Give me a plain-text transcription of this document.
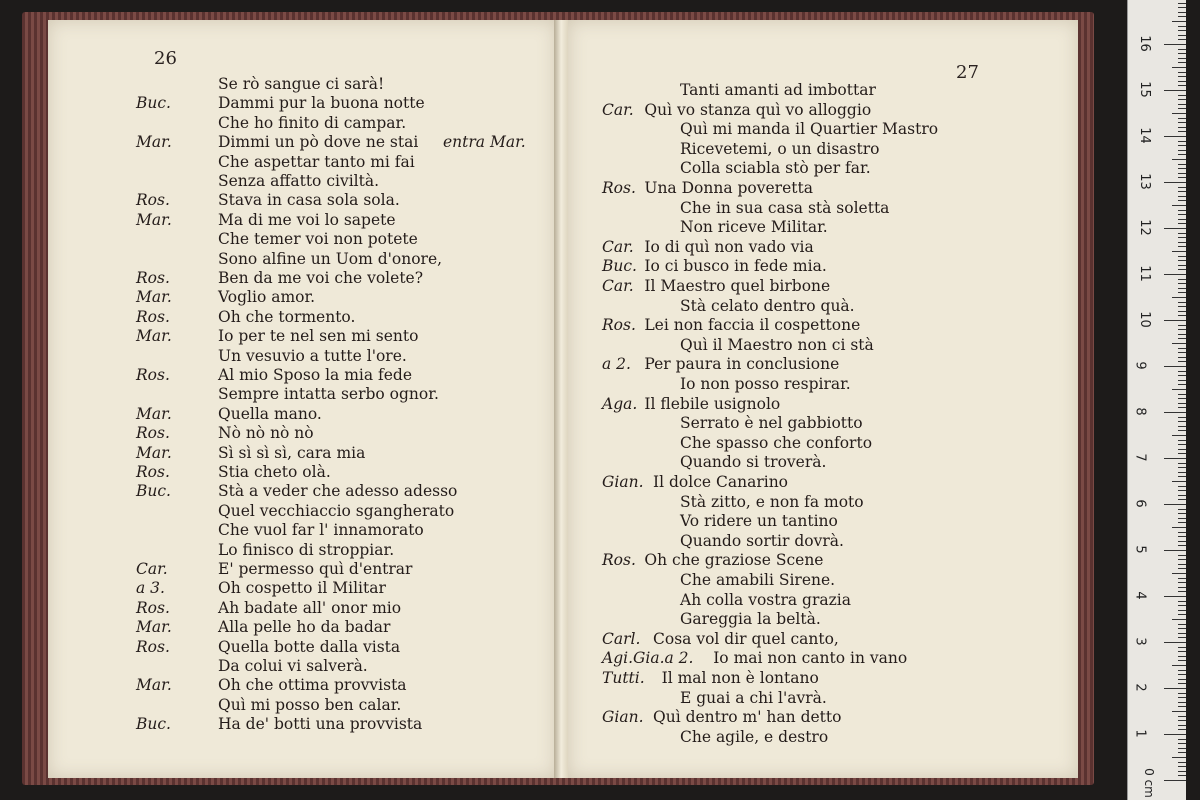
26
Se rò sangue ci sarà!
Buc.	Dammi pur la buona notte
Che ho finito di campar.
Mar.	Dimmi un pò dove ne stai entra Mar.
Che aspettar tanto mi fai
Senza affatto civiltà.
Ros.	Stava in casa sola sola.
Mar.	Ma di me voi lo sapete
Che temer voi non potete
Sono alfine un Uom d'onore,
Ros.	Ben da me voi che volete?
Mar.	Voglio amor.
Ros.	Oh che tormento.
Mar.	Io per te nel sen mi sento
Un vesuvio a tutte l'ore.
Ros.	Al mio Sposo la mia fede
Sempre intatta serbo ognor.
Mar.	Quella mano.
Ros.	Nò nò nò nò
Mar.	Sì sì sì sì, cara mia
Ros.	Stia cheto olà.
Buc.	Stà a veder che adesso adesso
Quel vecchiaccio sgangherato
Che vuol far l' innamorato
Lo finisco di stroppiar.
Car.	E' permesso quì d'entrar
a 3.	Oh cospetto il Militar
Ros.	Ah badate all' onor mio
Mar.	Alla pelle ho da badar
Ros.	Quella botte dalla vista
Da colui vi salverà.
Mar.	Oh che ottima provvista
Quì mi posso ben calar.
Buc.	Ha de' botti una provvista
27
Tanti amanti ad imbottar
Car. Quì vo stanza quì vo alloggio
Quì mi manda il Quartier Mastro
Ricevetemi, o un disastro
Colla sciabla stò per far.
Ros. Una Donna poveretta
Che in sua casa stà soletta
Non riceve Militar.
Car. Io di quì non vado via
Buc. Io ci busco in fede mia.
Car. Il Maestro quel birbone
Stà celato dentro quà.
Ros. Lei non faccia il cospettone
Quì il Maestro non ci stà
a 2. Per paura in conclusione
Io non posso respirar.
Aga. Il flebile usignolo
Serrato è nel gabbiotto
Che spasso che conforto
Quando si troverà.
Gian. Il dolce Canarino
Stà zitto, e non fa moto
Vo ridere un tantino
Quando sortir dovrà.
Ros. Oh che graziose Scene
Che amabili Sirene.
Ah colla vostra grazia
Gareggia la beltà.
Carl. Cosa vol dir quel canto,
Agi.Gia.a 2. Io mai non canto in vano
Tutti. Il mal non è lontano
E guai a chi l'avrà.
Gian. Quì dentro m' han detto
Che agile, e destro
0 cm
1
2
3
4
5
6
7
8
9
10
11
12
13
14
15
16
